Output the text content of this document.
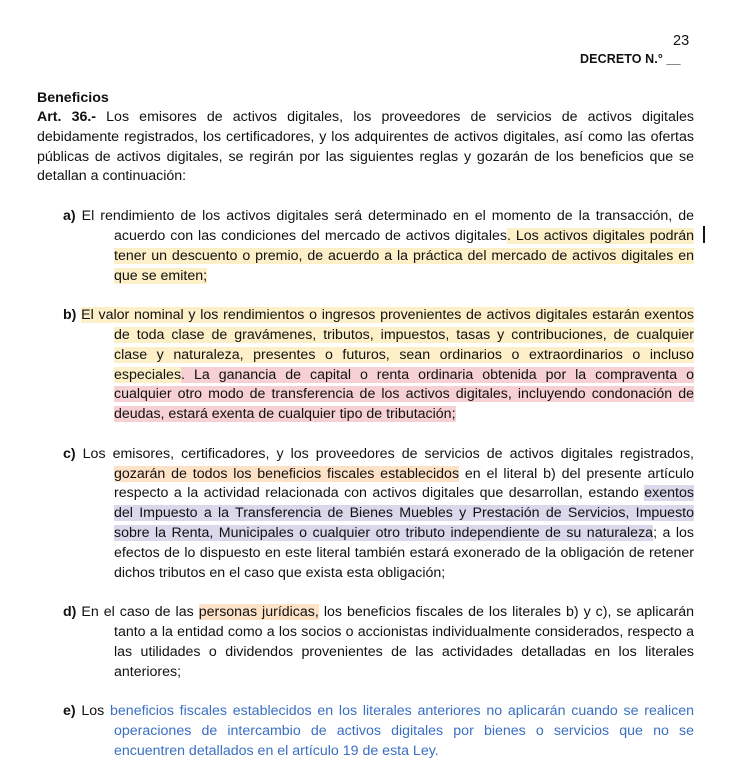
23
DECRETO N.° __
Beneficios

Art. 36.- Los emisores de activos digitales, los proveedores de servicios de activos digitales debidamente registrados, los certificadores, y los adquirentes de activos digitales, así como las ofertas públicas de activos digitales, se regirán por las siguientes reglas y gozarán de los beneficios que se detallan a continuación:

a) El rendimiento de los activos digitales será determinado en el momento de la transacción, de acuerdo con las condiciones del mercado de activos digitales. Los activos digitales podrán tener un descuento o premio, de acuerdo a la práctica del mercado de activos digitales en que se emiten;

b) El valor nominal y los rendimientos o ingresos provenientes de activos digitales estarán exentos de toda clase de gravámenes, tributos, impuestos, tasas y contribuciones, de cualquier clase y naturaleza, presentes o futuros, sean ordinarios o extraordinarios o incluso especiales. La ganancia de capital o renta ordinaria obtenida por la compraventa o cualquier otro modo de transferencia de los activos digitales, incluyendo condonación de deudas, estará exenta de cualquier tipo de tributación;

c) Los emisores, certificadores, y los proveedores de servicios de activos digitales registrados, gozarán de todos los beneficios fiscales establecidos en el literal b) del presente artículo respecto a la actividad relacionada con activos digitales que desarrollan, estando exentos del Impuesto a la Transferencia de Bienes Muebles y Prestación de Servicios, Impuesto sobre la Renta, Municipales o cualquier otro tributo independiente de su naturaleza; a los efectos de lo dispuesto en este literal también estará exonerado de la obligación de retener dichos tributos en el caso que exista esta obligación;

d) En el caso de las personas jurídicas, los beneficios fiscales de los literales b) y c), se aplicarán tanto a la entidad como a los socios o accionistas individualmente considerados, respecto a las utilidades o dividendos provenientes de las actividades detalladas en los literales anteriores;

e) Los beneficios fiscales establecidos en los literales anteriores no aplicarán cuando se realicen operaciones de intercambio de activos digitales por bienes o servicios que no se encuentren detallados en el artículo 19 de esta Ley.
